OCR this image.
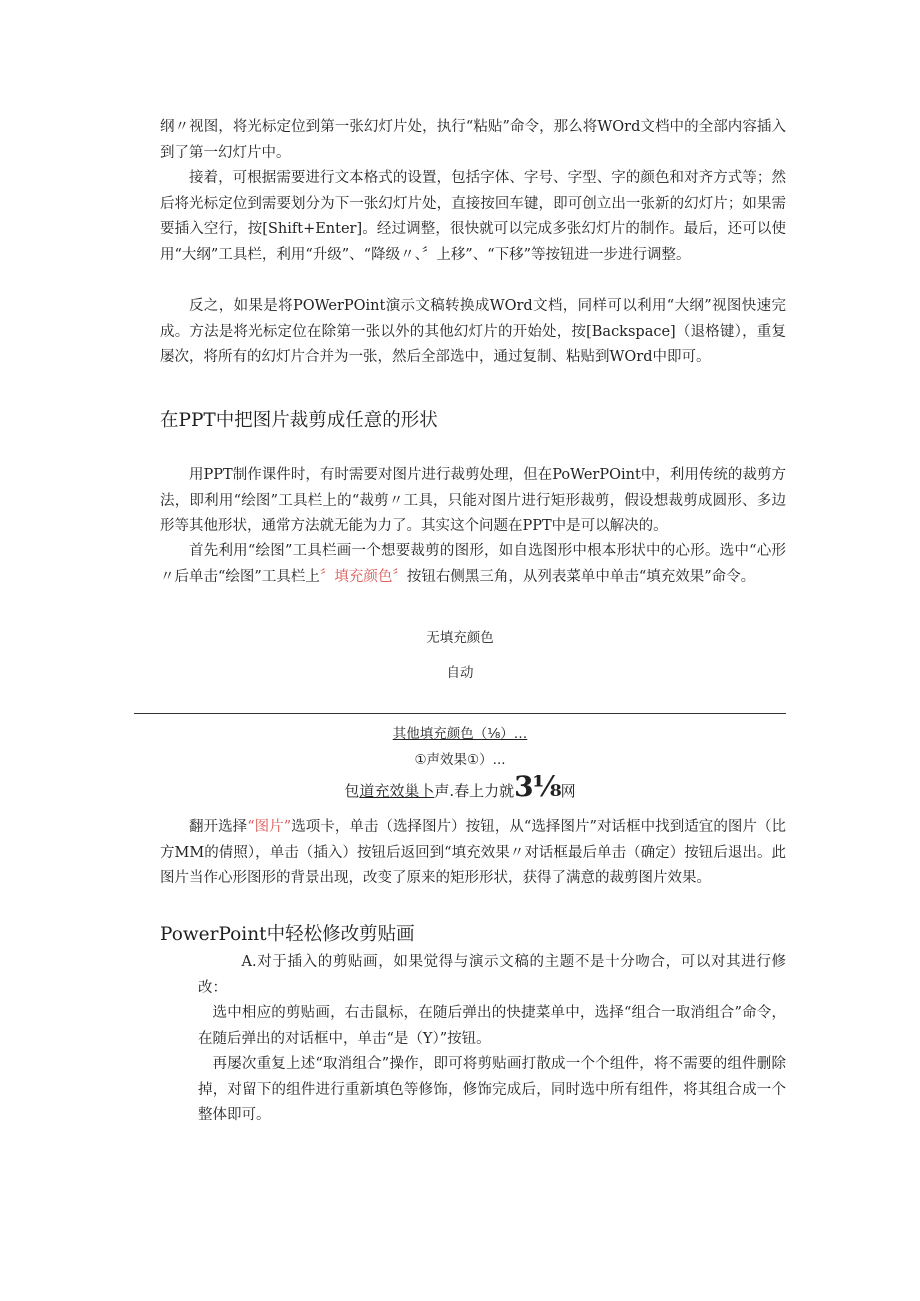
纲〃视图，将光标定位到第一张幻灯片处，执行“粘贴”命令，那么将WOrd文档中的全部内容插入到了第一幻灯片中。

接着，可根据需要进行文本格式的设置，包括字体、字号、字型、字的颜色和对齐方式等；然后将光标定位到需要划分为下一张幻灯片处，直接按回车键，即可创立出一张新的幻灯片；如果需要插入空行，按[Shift+Enter]。经过调整，很快就可以完成多张幻灯片的制作。最后，还可以使用“大纲”工具栏，利用“升级”、“降级〃、〞上移”、“下移”等按钮进一步进行调整。

反之，如果是将POWerPOint演示文稿转换成WOrd文档，同样可以利用“大纲”视图快速完成。方法是将光标定位在除第一张以外的其他幻灯片的开始处，按[Backspace]（退格键），重复屡次，将所有的幻灯片合并为一张，然后全部选中，通过复制、粘贴到WOrd中即可。

在PPT中把图片裁剪成任意的形状

用PPT制作课件时，有时需要对图片进行裁剪处理，但在PoWerPOint中，利用传统的裁剪方法，即利用“绘图”工具栏上的“裁剪〃工具，只能对图片进行矩形裁剪，假设想裁剪成圆形、多边形等其他形状，通常方法就无能为力了。其实这个问题在PPT中是可以解决的。

首先利用“绘图”工具栏画一个想要裁剪的图形，如自选图形中根本形状中的心形。选中“心形〃后单击“绘图”工具栏上〞填充颜色〞按钮右侧黑三角，从列表菜单中单击“填充效果”命令。

无填充颜色
自动
其他填充颜色（⅛）…
①声效果①）...
包道充效巢卜声.春上力就3⅛网

翻开选择“图片”选项卡，单击（选择图片）按钮，从“选择图片”对话框中找到适宜的图片（比方MM的倩照），单击（插入）按钮后返回到“填充效果〃对话框最后单击（确定）按钮后退出。此图片当作心形图形的背景出现，改变了原来的矩形形状，获得了满意的裁剪图片效果。

PowerPoint中轻松修改剪贴画

A.对于插入的剪贴画，如果觉得与演示文稿的主题不是十分吻合，可以对其进行修改：

选中相应的剪贴画，右击鼠标，在随后弹出的快捷菜单中，选择“组合一取消组合”命令，在随后弹出的对话框中，单击“是（Y）”按钮。

再屡次重复上述“取消组合”操作，即可将剪贴画打散成一个个组件，将不需要的组件删除掉，对留下的组件进行重新填色等修饰，修饰完成后，同时选中所有组件，将其组合成一个整体即可。
